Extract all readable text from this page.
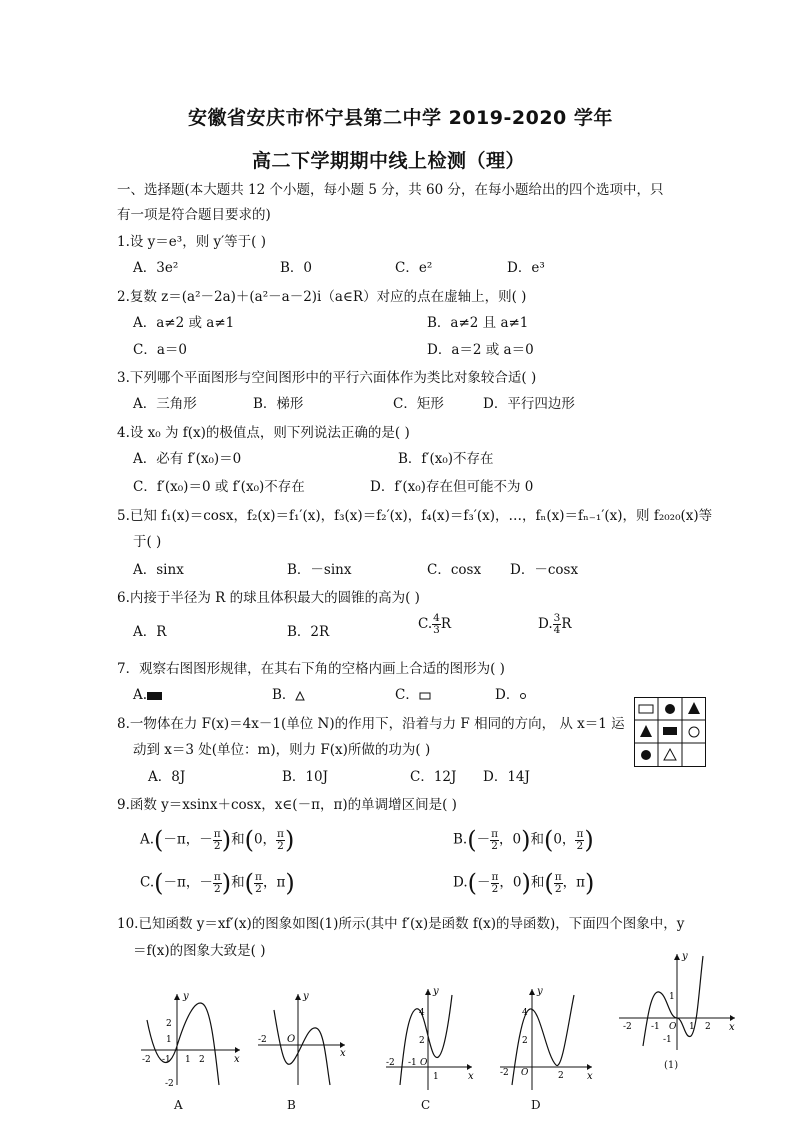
安徽省安庆市怀宁县第二中学 2019-2020 学年
高二下学期期中线上检测（理）
一、选择题(本大题共 12 个小题，每小题 5 分，共 60 分，在每小题给出的四个选项中，只
有一项是符合题目要求的)
1.设 y＝e³，则 y′等于( )
A．3e²	B．0	C．e²	D．e³
2.复数 z＝(a²－2a)＋(a²－a－2)i（a∈R）对应的点在虚轴上，则( )
A．a≠2 或 a≠1	B．a≠2 且 a≠1
C．a＝0	D．a＝2 或 a＝0
3.下列哪个平面图形与空间图形中的平行六面体作为类比对象较合适( )
A．三角形	B．梯形	C．矩形	D．平行四边形
4.设 x₀ 为 f(x)的极值点，则下列说法正确的是( )
A．必有 f′(x₀)＝0	B．f′(x₀)不存在
C．f′(x₀)＝0 或 f′(x₀)不存在	D．f′(x₀)存在但可能不为 0
5.已知 f₁(x)＝cosx，f₂(x)＝f₁′(x)，f₃(x)＝f₂′(x)，f₄(x)＝f₃′(x)，…，fₙ(x)＝fₙ₋₁′(x)，则 f₂₀₂₀(x)等
于( )
A．sinx	B．－sinx	C．cosx D．－cosx
6.内接于半径为 R 的球且体积最大的圆锥的高为( )
A．R	B．2R	C. $\frac{4}{3}$ R	D. $\frac{3}{4}$ R
7．观察右图图形规律，在其右下角的空格内画上合适的图形为( )
A.	B．	C．	D．
8.一物体在力 F(x)＝4x－1(单位 N)的作用下，沿着与力 F 相同的方向， 从 x＝1 运
动到 x＝3 处(单位：m)，则力 F(x)所做的功为( )
A．8J	B．10J	C．12J D．14J
9.函数 y＝xsinx＋cosx，x∈(－π，π)的单调增区间是( )
A.(－π，－ $\frac{\pi}{2}$ )和(0， $\frac{\pi}{2}$ )	$B.(- \frac{\pi}{2}$ ，0)和(0， $\frac{\pi}{2}$ )
C.(－π，－ $\frac{\pi}{2}$ )和( $\frac{\pi}{2}$ ，π)	$D.(- \frac{\pi}{2}$ ，0)和( $\frac{\pi}{2}$ ，π)
10.已知函数 y＝xf′(x)的图象如图(1)所示(其中 f′(x)是函数 f(x)的导函数)，下面四个图象中，y
＝f(x)的图象大致是( )
y
x
2
1
-2 -1 1 2
-2
A
y
x
-2 O
B
y
x
4
2
-2 -1 O
1
C
y
x
4
2
-2 O	2
D
y
x
1
-2 -1 O 1 2
-1
(1)
